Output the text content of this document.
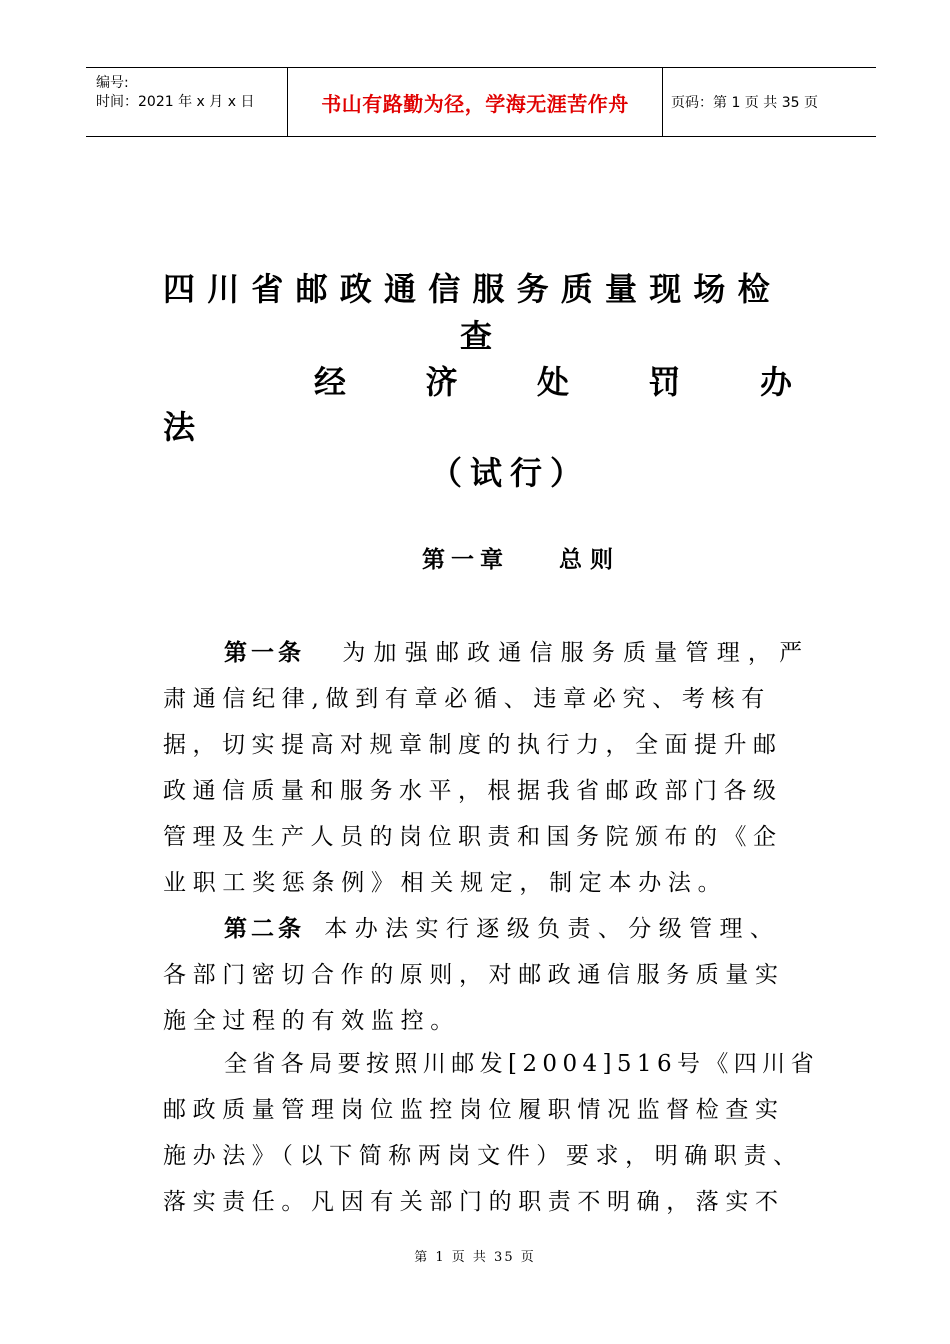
编号:
时间：2021 年 x 月 x 日	书山有路勤为径，学海无涯苦作舟	页码：第 1 页 共 35 页
四川省邮政通信服务质量现场检
查
经 济 处 罚 办
法
（试行）
第一章 总则
第一条 为加强邮政通信服务质量管理，严
肃通信纪律,做到有章必循、违章必究、考核有
据，切实提高对规章制度的执行力，全面提升邮
政通信质量和服务水平，根据我省邮政部门各级
管理及生产人员的岗位职责和国务院颁布的《企
业职工奖惩条例》相关规定，制定本办法。
第二条 本办法实行逐级负责、分级管理、
各部门密切合作的原则，对邮政通信服务质量实
施全过程的有效监控。
全省各局要按照川邮发[2004]516号《四川省
邮政质量管理岗位监控岗位履职情况监督检查实
施办法》（以下简称两岗文件）要求，明确职责、
落实责任。凡因有关部门的职责不明确，落实不
第 1 页 共 35 页
